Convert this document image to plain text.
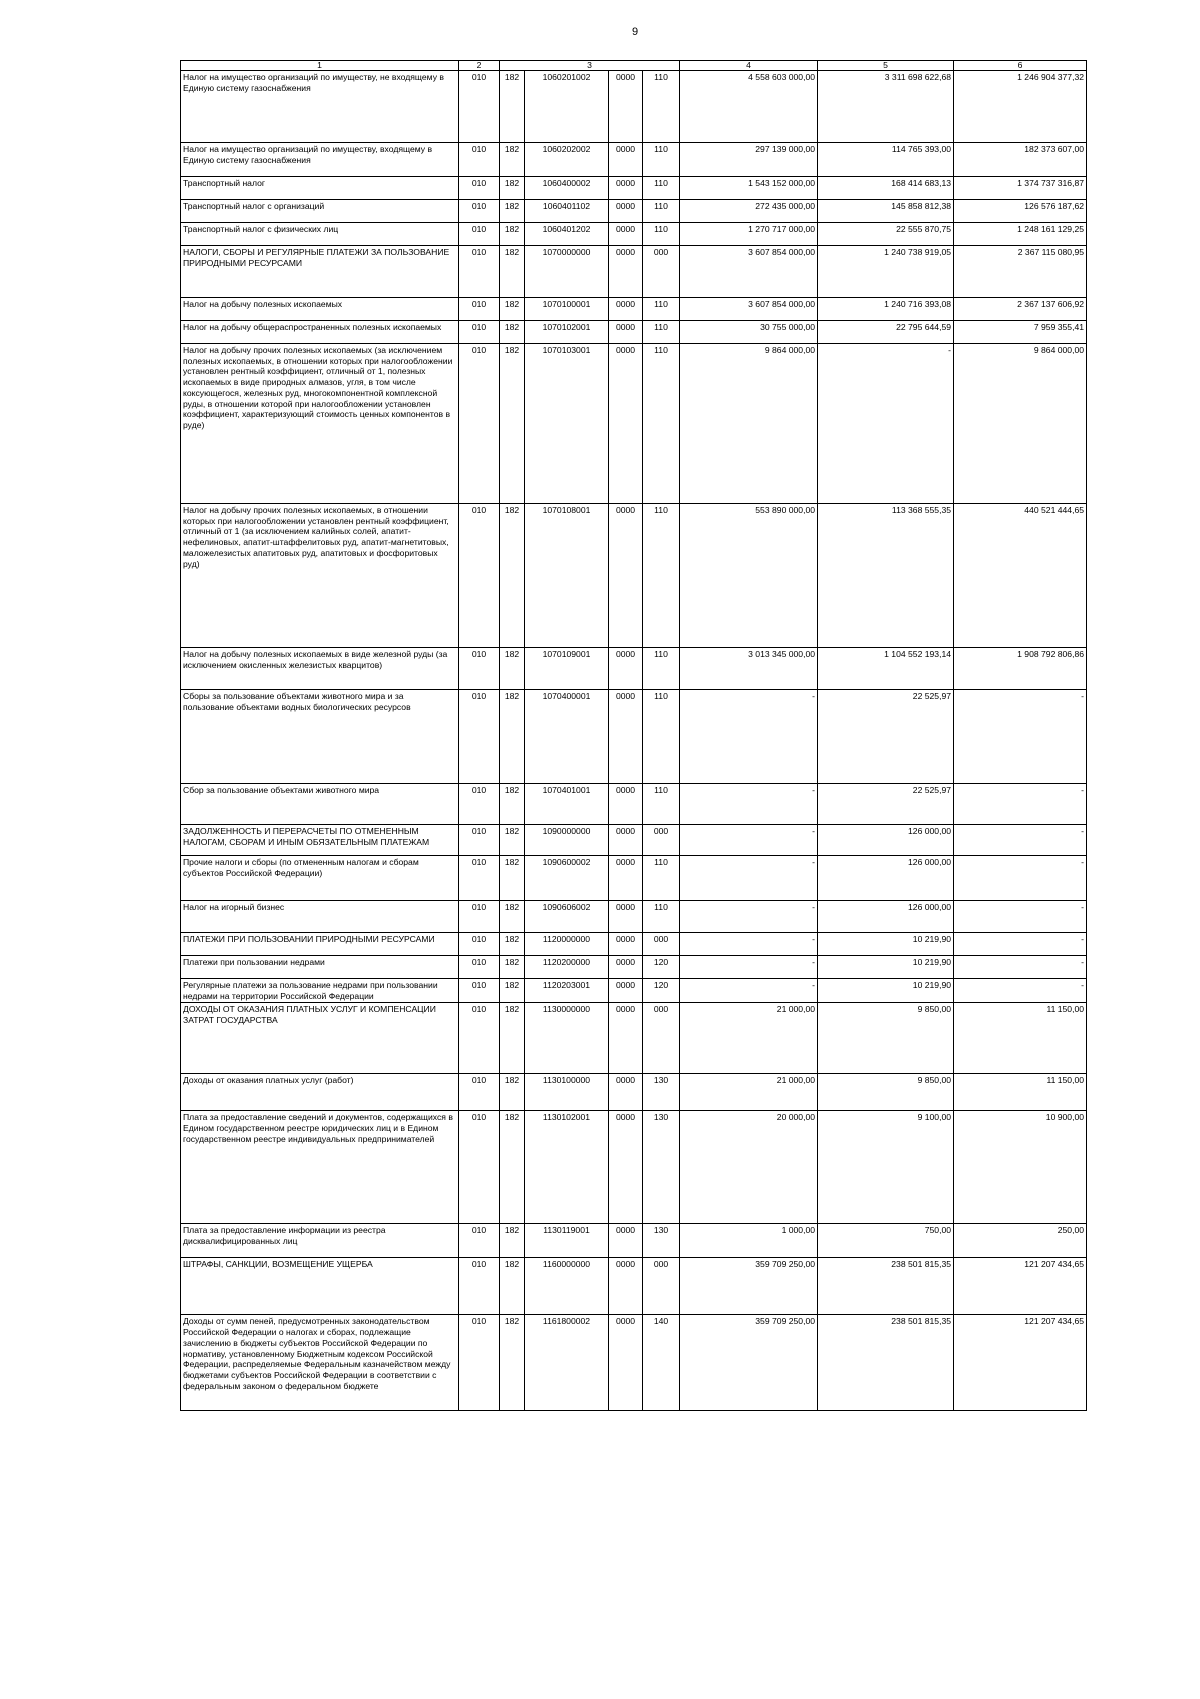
9
1	2	3				4	5	6
Налог на имущество организаций по имуществу, не входящему в Единую систему газоснабжения	010	182	1060201002	0000	110	4 558 603 000,00	3 311 698 622,68	1 246 904 377,32
Налог на имущество организаций по имуществу, входящему в Единую систему газоснабжения	010	182	1060202002	0000	110	297 139 000,00	114 765 393,00	182 373 607,00
Транспортный налог	010	182	1060400002	0000	110	1 543 152 000,00	168 414 683,13	1 374 737 316,87
Транспортный налог с организаций	010	182	1060401102	0000	110	272 435 000,00	145 858 812,38	126 576 187,62
Транспортный налог с физических лиц	010	182	1060401202	0000	110	1 270 717 000,00	22 555 870,75	1 248 161 129,25
НАЛОГИ, СБОРЫ И РЕГУЛЯРНЫЕ ПЛАТЕЖИ ЗА ПОЛЬЗОВАНИЕ ПРИРОДНЫМИ РЕСУРСАМИ	010	182	1070000000	0000	000	3 607 854 000,00	1 240 738 919,05	2 367 115 080,95
Налог на добычу полезных ископаемых	010	182	1070100001	0000	110	3 607 854 000,00	1 240 716 393,08	2 367 137 606,92
Налог на добычу общераспространенных полезных ископаемых	010	182	1070102001	0000	110	30 755 000,00	22 795 644,59	7 959 355,41
Налог на добычу прочих полезных ископаемых (за исключением полезных ископаемых, в отношении которых при налогообложении установлен рентный коэффициент, отличный от 1, полезных ископаемых в виде природных алмазов, угля, в том числе коксующегося, железных руд, многокомпонентной комплексной руды, в отношении которой при налогообложении установлен коэффициент, характеризующий стоимость ценных компонентов в руде)	010	182	1070103001	0000	110	9 864 000,00	-	9 864 000,00
Налог на добычу прочих полезных ископаемых, в отношении которых при налогообложении установлен рентный коэффициент, отличный от 1 (за исключением калийных солей, апатит-нефелиновых, апатит-штаффелитовых руд, апатит-магнетитовых, маложелезистых апатитовых руд, апатитовых и фосфоритовых руд)	010	182	1070108001	0000	110	553 890 000,00	113 368 555,35	440 521 444,65
Налог на добычу полезных ископаемых в виде железной руды (за исключением окисленных железистых кварцитов)	010	182	1070109001	0000	110	3 013 345 000,00	1 104 552 193,14	1 908 792 806,86
Сборы за пользование объектами животного мира и за пользование объектами водных биологических ресурсов	010	182	1070400001	0000	110	-	22 525,97	-
Сбор за пользование объектами животного мира	010	182	1070401001	0000	110	-	22 525,97	-
ЗАДОЛЖЕННОСТЬ И ПЕРЕРАСЧЕТЫ ПО ОТМЕНЕННЫМ НАЛОГАМ, СБОРАМ И ИНЫМ ОБЯЗАТЕЛЬНЫМ ПЛАТЕЖАМ	010	182	1090000000	0000	000	-	126 000,00	-
Прочие налоги и сборы (по отмененным налогам и сборам субъектов Российской Федерации)	010	182	1090600002	0000	110	-	126 000,00	-
Налог на игорный бизнес	010	182	1090606002	0000	110	-	126 000,00	-
ПЛАТЕЖИ ПРИ ПОЛЬЗОВАНИИ ПРИРОДНЫМИ РЕСУРСАМИ	010	182	1120000000	0000	000	-	10 219,90	-
Платежи при пользовании недрами	010	182	1120200000	0000	120	-	10 219,90	-
Регулярные платежи за пользование недрами при пользовании недрами на территории Российской Федерации	010	182	1120203001	0000	120	-	10 219,90	-
ДОХОДЫ ОТ ОКАЗАНИЯ ПЛАТНЫХ УСЛУГ И КОМПЕНСАЦИИ ЗАТРАТ ГОСУДАРСТВА	010	182	1130000000	0000	000	21 000,00	9 850,00	11 150,00
Доходы от оказания платных услуг (работ)	010	182	1130100000	0000	130	21 000,00	9 850,00	11 150,00
Плата за предоставление сведений и документов, содержащихся в Едином государственном реестре юридических лиц и в Едином государственном реестре индивидуальных предпринимателей	010	182	1130102001	0000	130	20 000,00	9 100,00	10 900,00
Плата за предоставление информации из реестра дисквалифицированных лиц	010	182	1130119001	0000	130	1 000,00	750,00	250,00
ШТРАФЫ, САНКЦИИ, ВОЗМЕЩЕНИЕ УЩЕРБА	010	182	1160000000	0000	000	359 709 250,00	238 501 815,35	121 207 434,65
Доходы от сумм пеней, предусмотренных законодательством Российской Федерации о налогах и сборах, подлежащие зачислению в бюджеты субъектов Российской Федерации по нормативу, установленному Бюджетным кодексом Российской Федерации, распределяемые Федеральным казначейством между бюджетами субъектов Российской Федерации в соответствии с федеральным законом о федеральном бюджете	010	182	1161800002	0000	140	359 709 250,00	238 501 815,35	121 207 434,65
